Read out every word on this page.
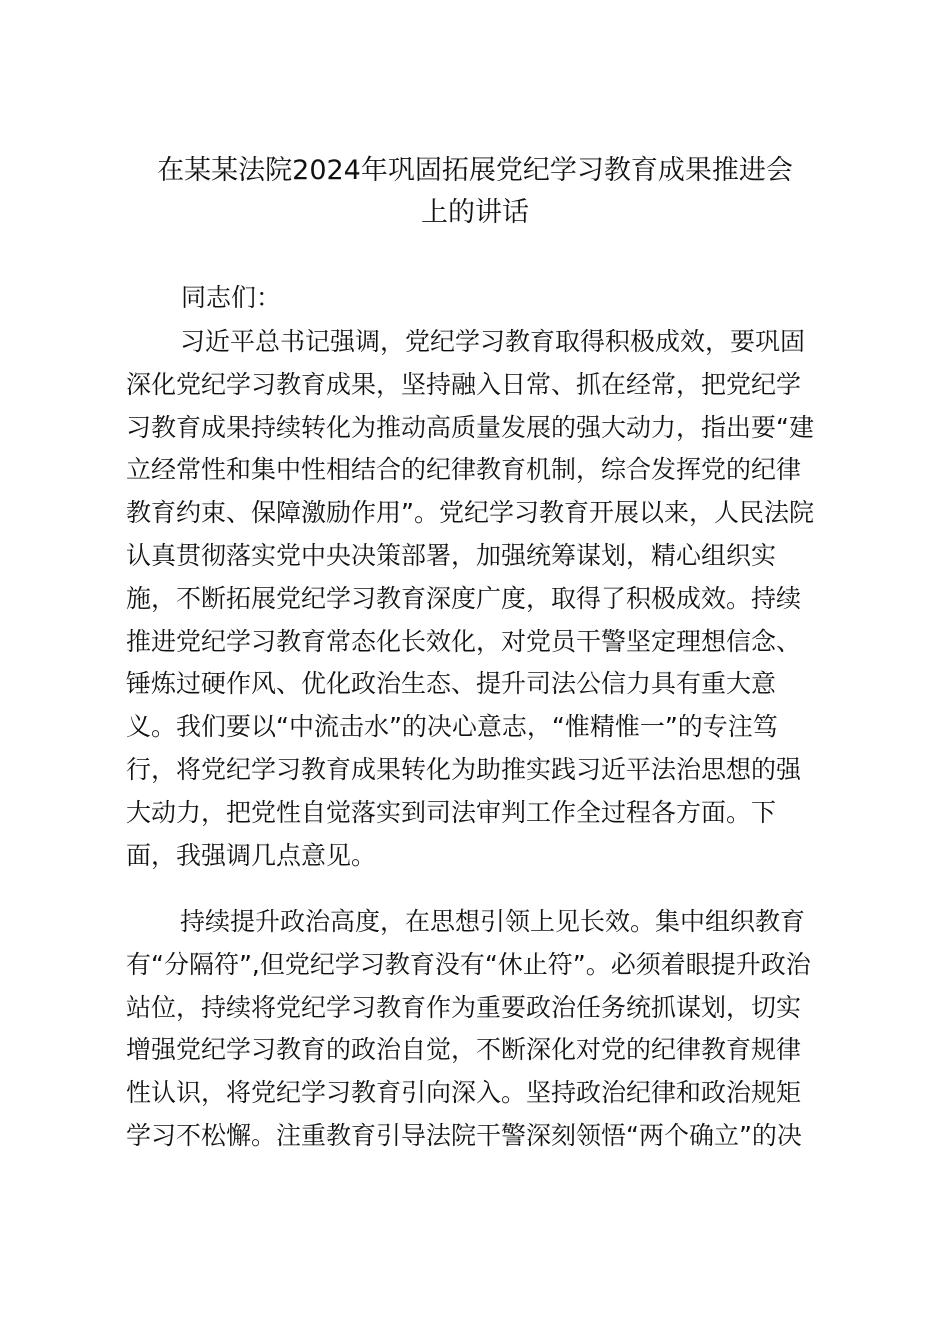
在某某法院2024年巩固拓展党纪学习教育成果推进会
上的讲话

同志们：

习近平总书记强调，党纪学习教育取得积极成效，要巩固
深化党纪学习教育成果，坚持融入日常、抓在经常，把党纪学
习教育成果持续转化为推动高质量发展的强大动力，指出要“建
立经常性和集中性相结合的纪律教育机制，综合发挥党的纪律
教育约束、保障激励作用”。党纪学习教育开展以来，人民法院
认真贯彻落实党中央决策部署，加强统筹谋划，精心组织实
施，不断拓展党纪学习教育深度广度，取得了积极成效。持续
推进党纪学习教育常态化长效化，对党员干警坚定理想信念、
锤炼过硬作风、优化政治生态、提升司法公信力具有重大意
义。我们要以“中流击水”的决心意志，“惟精惟一”的专注笃
行，将党纪学习教育成果转化为助推实践习近平法治思想的强
大动力，把党性自觉落实到司法审判工作全过程各方面。下
面，我强调几点意见。

持续提升政治高度，在思想引领上见长效。集中组织教育
有“分隔符”,但党纪学习教育没有“休止符”。必须着眼提升政治
站位，持续将党纪学习教育作为重要政治任务统抓谋划，切实
增强党纪学习教育的政治自觉，不断深化对党的纪律教育规律
性认识，将党纪学习教育引向深入。坚持政治纪律和政治规矩
学习不松懈。注重教育引导法院干警深刻领悟“两个确立”的决
